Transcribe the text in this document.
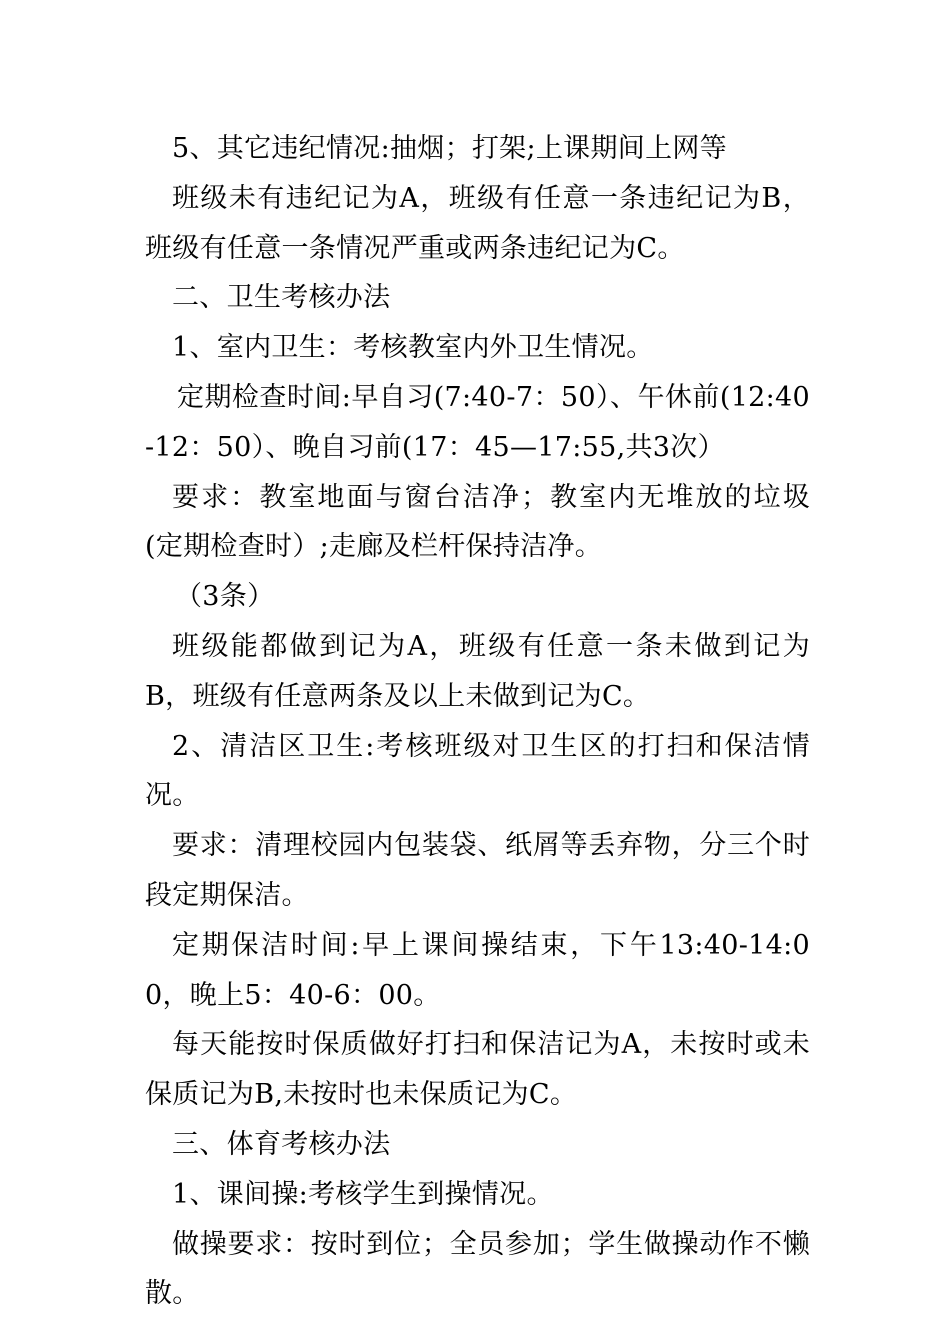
5、其它违纪情况:抽烟；打架;上课期间上网等

班级未有违纪记为A，班级有任意一条违纪记为B，班级有任意一条情况严重或两条违纪记为C。

二、卫生考核办法

1、室内卫生：考核教室内外卫生情况。

定期检查时间:早自习(7:40-7：50）、午休前(12:40-12：50）、晚自习前(17：45—17:55,共3次）

要求：教室地面与窗台洁净；教室内无堆放的垃圾(定期检查时）;走廊及栏杆保持洁净。

（3条）

班级能都做到记为A，班级有任意一条未做到记为B，班级有任意两条及以上未做到记为C。

2、清洁区卫生:考核班级对卫生区的打扫和保洁情况。

要求：清理校园内包装袋、纸屑等丢弃物，分三个时段定期保洁。

定期保洁时间:早上课间操结束，下午13:40-14:00，晚上5：40-6：00。

每天能按时保质做好打扫和保洁记为A，未按时或未保质记为B,未按时也未保质记为C。

三、体育考核办法

1、课间操:考核学生到操情况。

做操要求：按时到位；全员参加；学生做操动作不懒散。
